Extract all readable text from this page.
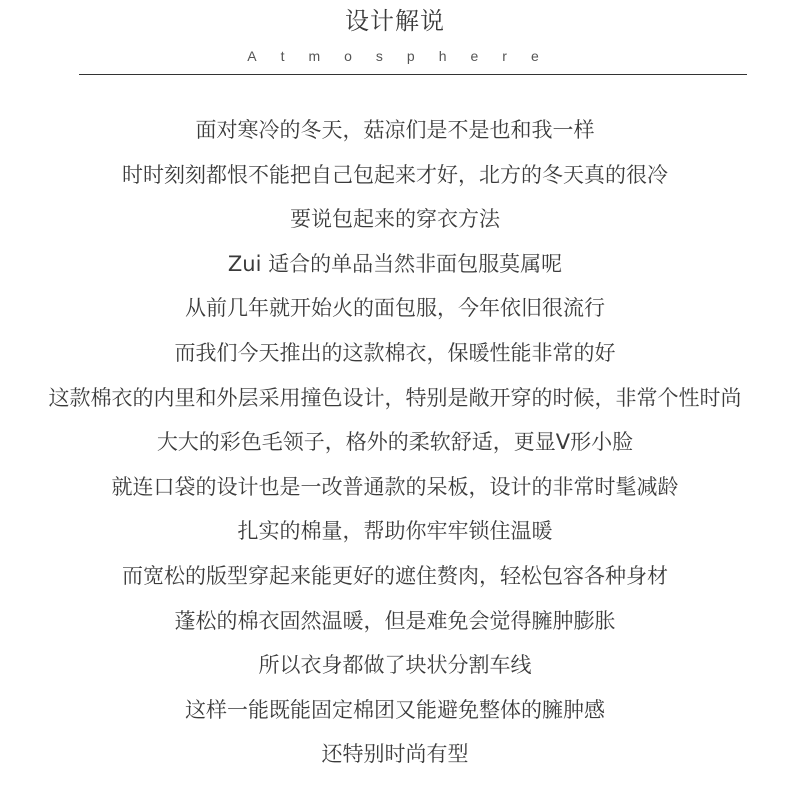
设计解说
Atmosphere
面对寒冷的冬天，菇凉们是不是也和我一样
时时刻刻都恨不能把自己包起来才好，北方的冬天真的很冷
要说包起来的穿衣方法
Zui 适合的单品当然非面包服莫属呢
从前几年就开始火的面包服，今年依旧很流行
而我们今天推出的这款棉衣，保暖性能非常的好
这款棉衣的内里和外层采用撞色设计，特别是敞开穿的时候，非常个性时尚
大大的彩色毛领子，格外的柔软舒适，更显V形小脸
就连口袋的设计也是一改普通款的呆板，设计的非常时髦减龄
扎实的棉量，帮助你牢牢锁住温暖
而宽松的版型穿起来能更好的遮住赘肉，轻松包容各种身材
蓬松的棉衣固然温暖，但是难免会觉得臃肿膨胀
所以衣身都做了块状分割车线
这样一能既能固定棉团又能避免整体的臃肿感
还特别时尚有型
